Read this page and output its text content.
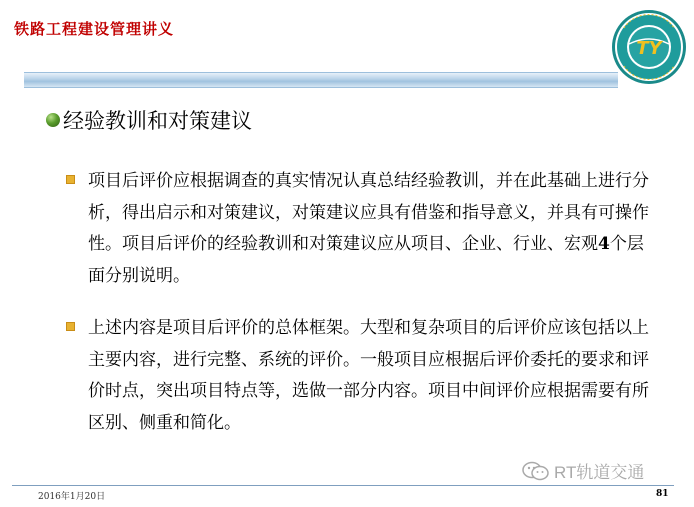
铁路工程建设管理讲义
TY
经验教训和对策建议
项目后评价应根据调查的真实情况认真总结经验教训，并在此基础上进行分析，得出启示和对策建议，对策建议应具有借鉴和指导意义，并具有可操作性。项目后评价的经验教训和对策建议应从项目、企业、行业、宏观4个层面分别说明。
上述内容是项目后评价的总体框架。大型和复杂项目的后评价应该包括以上主要内容，进行完整、系统的评价。一般项目应根据后评价委托的要求和评价时点，突出项目特点等，选做一部分内容。项目中间评价应根据需要有所区别、侧重和简化。
RT轨道交通
2016年1月20日	81
